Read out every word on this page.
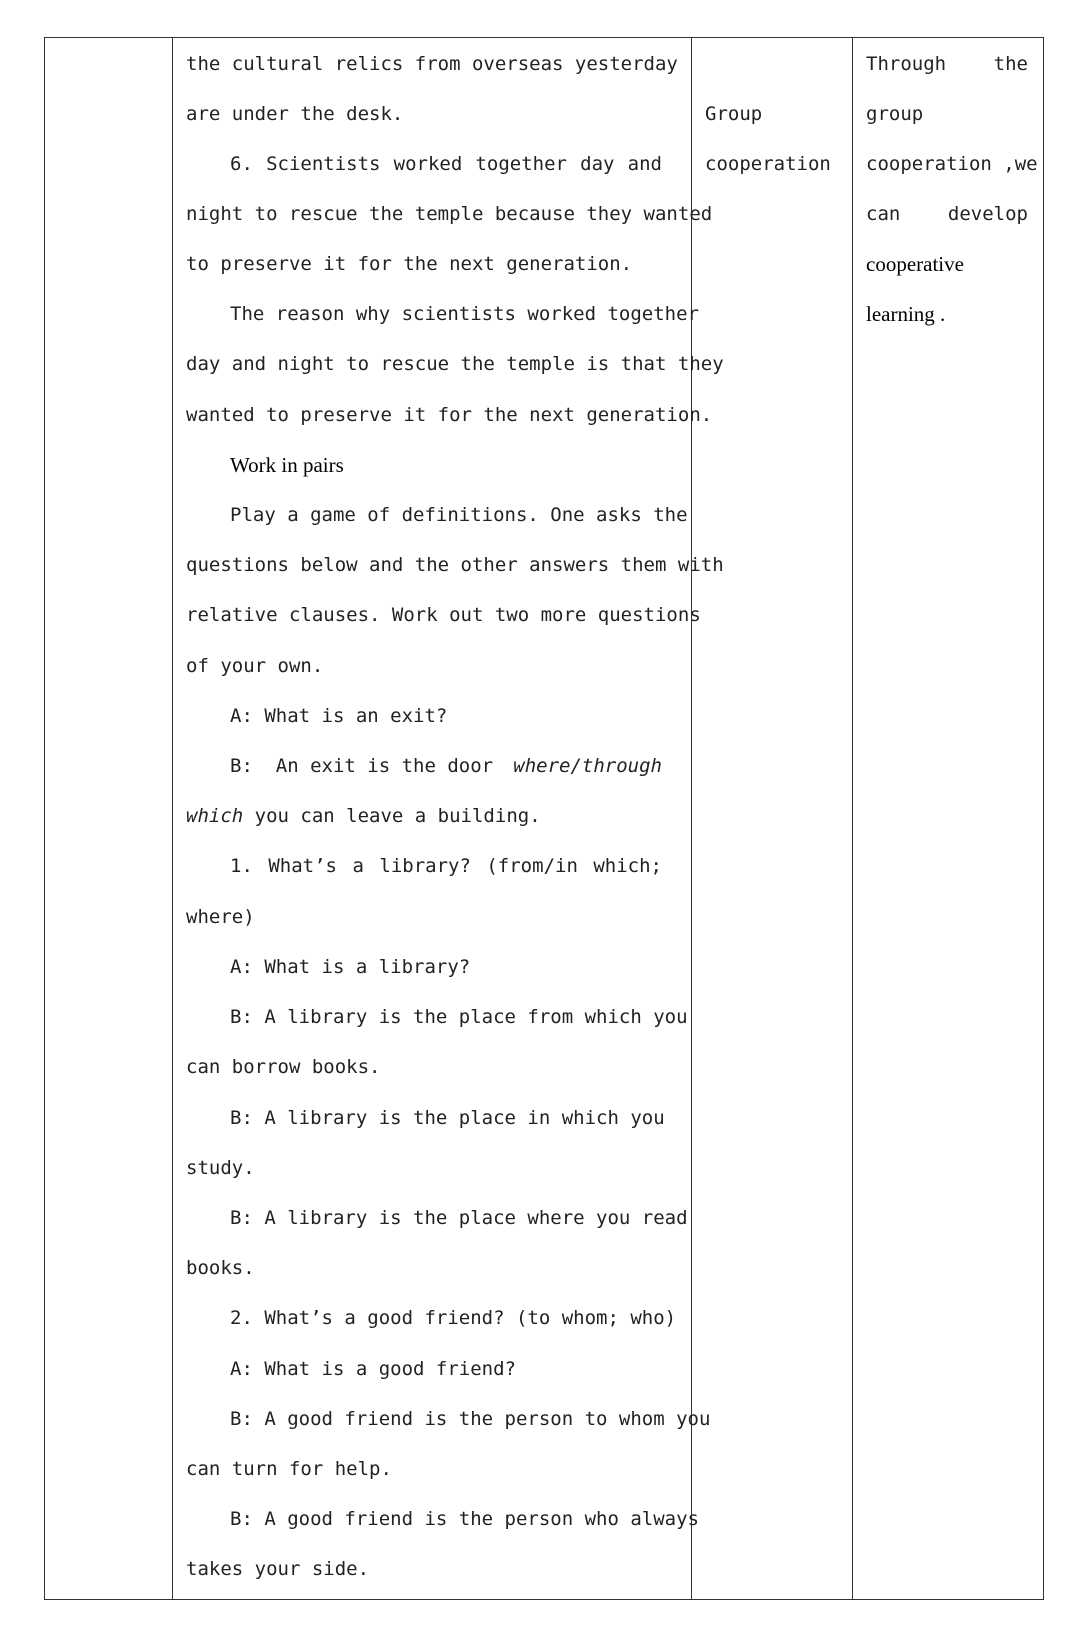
the cultural relics from overseas yesterday
are under the desk.
6. Scientists worked together day and
night to rescue the temple because they wanted
to preserve it for the next generation.
The reason why scientists worked together
day and night to rescue the temple is that they
wanted to preserve it for the next generation.
Work in pairs
Play a game of definitions. One asks the
questions below and the other answers them with
relative clauses. Work out two more questions
of your own.
A: What is an exit?
B:  An exit is the door where/through
which you can leave a building.
1. What’s a library? (from/in which;
where)
A: What is a library?
B: A library is the place from which you
can borrow books.
B: A library is the place in which you
study.
B: A library is the place where you read
books.
2. What’s a good friend? (to whom; who)
A: What is a good friend?
B: A good friend is the person to whom you
can turn for help.
B: A good friend is the person who always
takes your side.
Group
cooperation
Through the
group
cooperation ,we
can develop
cooperative
learning .
